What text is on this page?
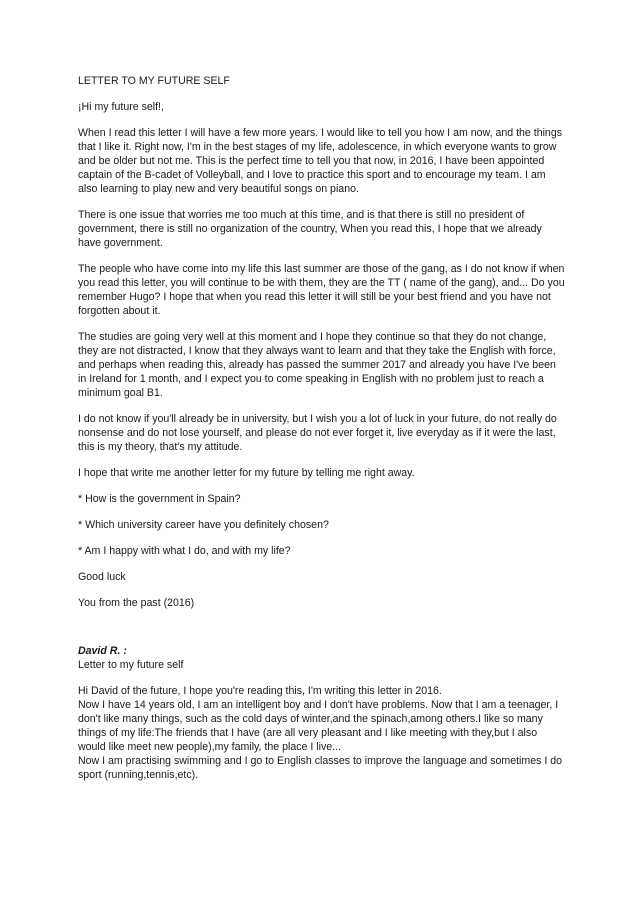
LETTER TO MY FUTURE SELF

¡Hi my future self!,

When I read this letter I will have a few more years. I would like to tell you how I am now, and the things that I like it. Right now, I'm in the best stages of my life, adolescence, in which everyone wants to grow and be older but not me. This is the perfect time to tell you that now, in 2016, I have been appointed captain of the B-cadet of Volleyball, and I love to practice this sport and to encourage my team. I am also learning to play new and very beautiful songs on piano.

There is one issue that worries me too much at this time, and is that there is still no president of government, there is still no organization of the country, When you read this, I hope that we already have government.

The people who have come into my life this last summer are those of the gang, as I do not know if when you read this letter, you will continue to be with them, they are the TT ( name of the gang), and... Do you remember Hugo? I hope that when you read this letter it will still be your best friend and you have not forgotten about it.

The studies are going very well at this moment and I hope they continue so that they do not change, they are not distracted, I know that they always want to learn and that they take the English with force, and perhaps when reading this, already has passed the summer 2017 and already you have I've been in Ireland for 1 month, and I expect you to come speaking in English with no problem just to reach a minimum goal B1.

I do not know if you'll already be in university, but I wish you a lot of luck in your future, do not really do nonsense and do not lose yourself, and please do not ever forget it, live everyday as if it were the last, this is my theory, that's my attitude.

I hope that write me another letter for my future by telling me right away.

* How is the government in Spain?

* Which university career have you definitely chosen?

* Am I happy with what I do, and with my life?

Good luck

You from the past (2016)

David R. :

Letter to my future self

Hi David of the future, I hope you're reading this, I'm writing this letter in 2016.

Now I have 14 years old, I am an intelligent boy and I don't have problems. Now that I am a teenager, I don't like many things, such as the cold days of winter,and the spinach,among others.I like so many things of my life:The friends that I have (are all very pleasant and I like meeting with they,but I also would like meet new people),my family, the place I live...

Now I am practising swimming and I go to English classes to improve the language and sometimes I do sport (running,tennis,etc).
